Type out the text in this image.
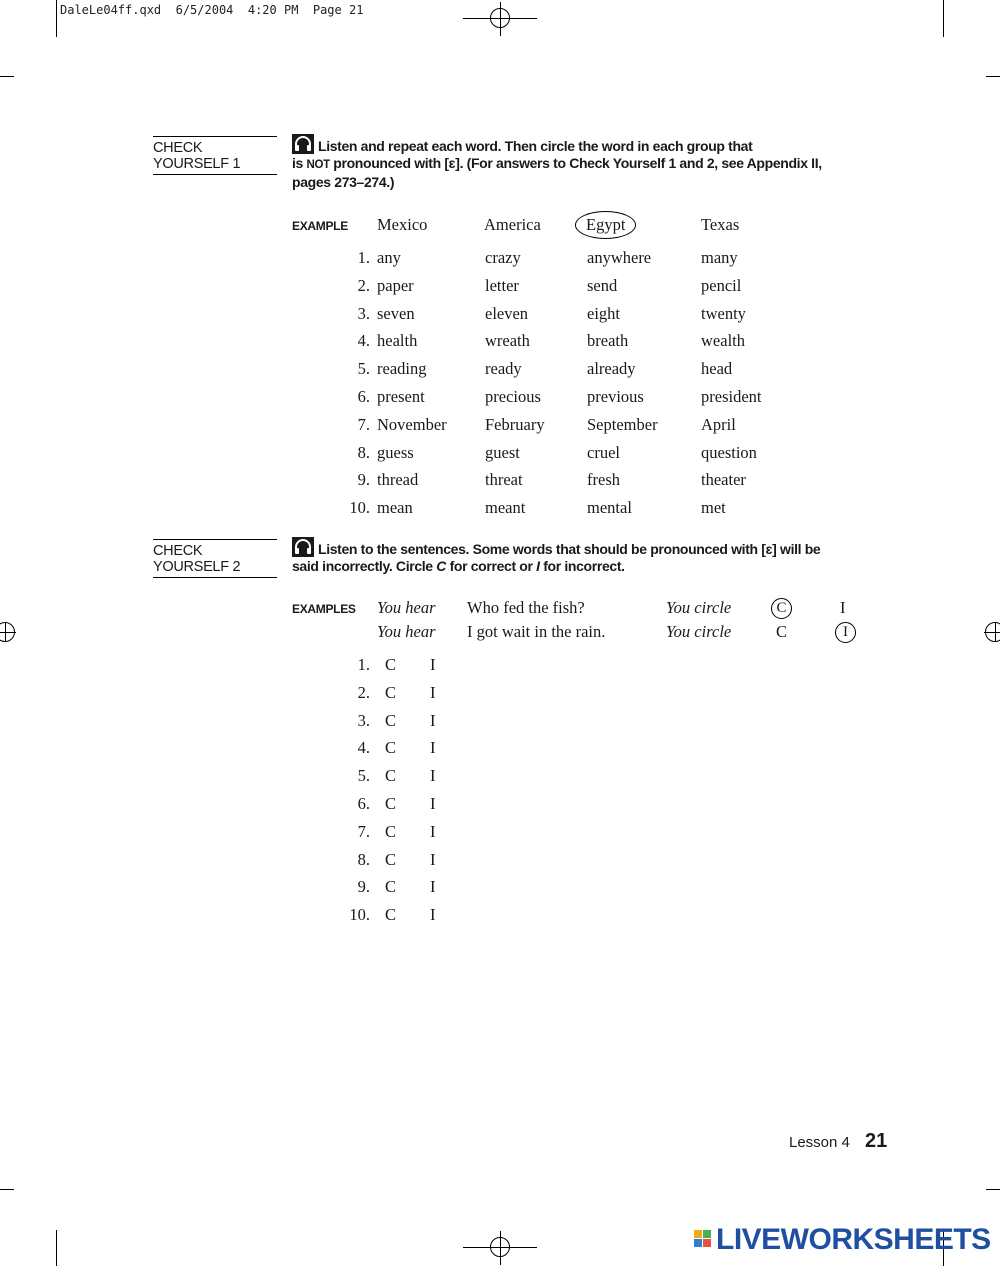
DaleLe04ff.qxd  6/5/2004  4:20 PM  Page 21
CHECK YOURSELF 1
Listen and repeat each word. Then circle the word in each group that
is NOT pronounced with [ɛ]. (For answers to Check Yourself 1 and 2, see Appendix II,
pages 273–274.)
EXAMPLE Mexico	America	Egypt	Texas
1. any	crazy	anywhere	many
2. paper	letter	send	pencil
3. seven	eleven	eight	twenty
4. health	wreath	breath	wealth
5. reading	ready	already	head
6. present	precious	previous	president
7. November February	September	April
8. guess	guest	cruel	question
9. thread	threat	fresh	theater
10. mean	meant	mental	met
CHECK YOURSELF 2
Listen to the sentences. Some words that should be pronounced with [ɛ] will be
said incorrectly. Circle C for correct or I for incorrect.
EXAMPLES You hear Who fed the fish?	You circle	C	I
You hear I got wait in the rain.	You circle	C	I
1. C I
2. C I
3. C I
4. C I
5. C I
6. C I
7. C I
8. C I
9. C I
10. C I
Lesson 4 21
LIVEWORKSHEETS
